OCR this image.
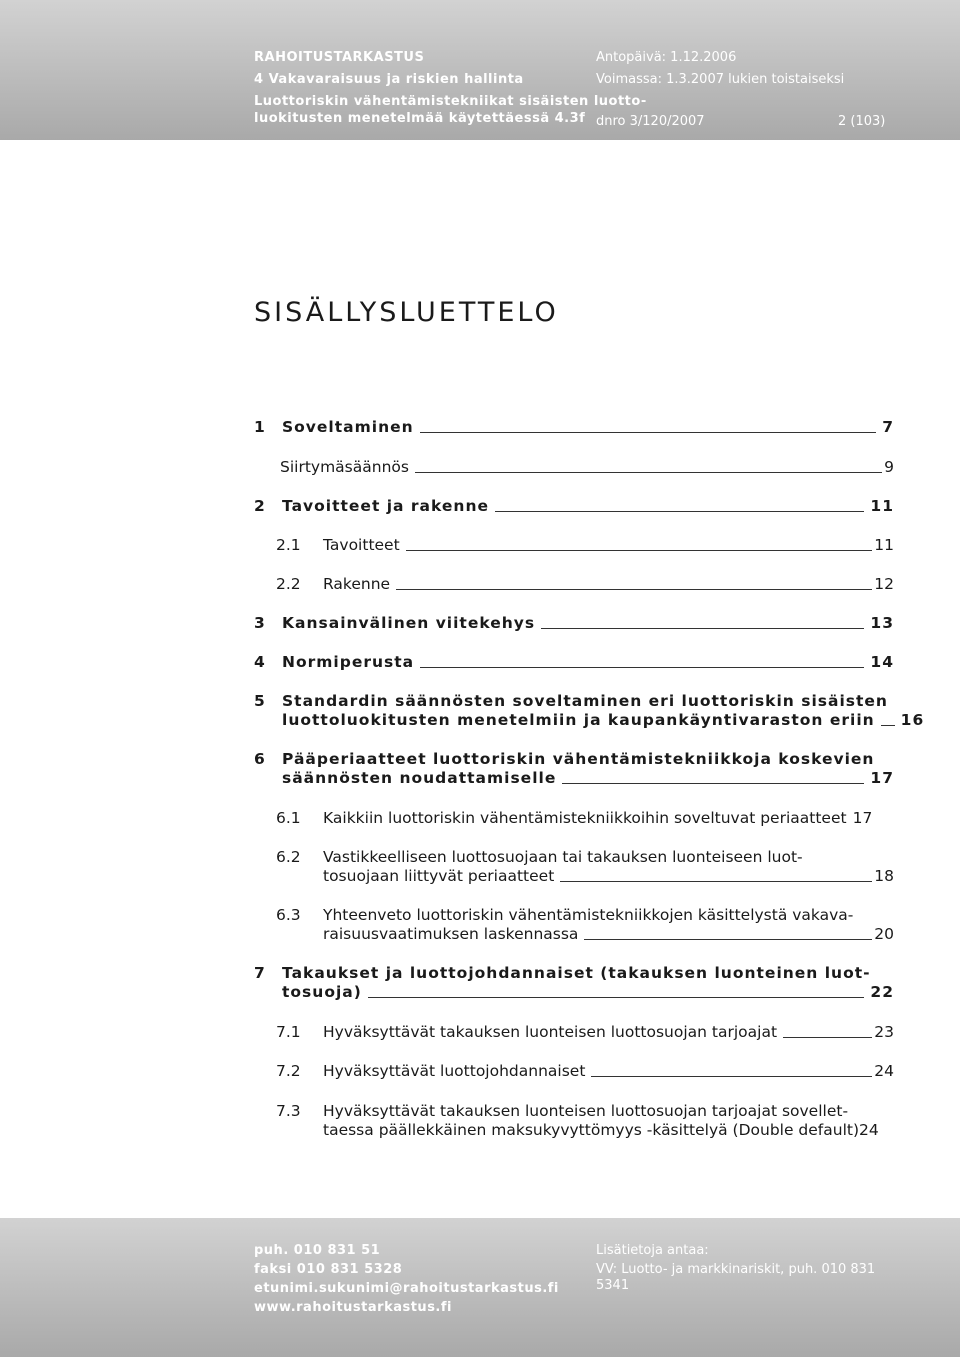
RAHOITUSTARKASTUS
4 Vakavaraisuus ja riskien hallinta
Luottoriskin vähentämistekniikat sisäisten luotto-
luokitusten menetelmää käytettäessä 4.3f
Antopäivä: 1.12.2006
Voimassa: 1.3.2007 lukien toistaiseksi
dnro 3/120/2007	2 (103)
SISÄLLYSLUETTELO
1 Soveltaminen	7
Siirtymäsäännös	9
2 Tavoitteet ja rakenne	11
2.1 Tavoitteet	11
2.2 Rakenne	12
3 Kansainvälinen viitekehys	13
4 Normiperusta	14
5 Standardin säännösten soveltaminen eri luottoriskin sisäisten
luottoluokitusten menetelmiin ja kaupankäyntivaraston eriin 16
6 Pääperiaatteet luottoriskin vähentämistekniikkoja koskevien
säännösten noudattamiselle	17
6.1 Kaikkiin luottoriskin vähentämistekniikkoihin soveltuvat periaatteet 17
6.2 Vastikkeelliseen luottosuojaan tai takauksen luonteiseen luot-
tosuojaan liittyvät periaatteet	18
6.3 Yhteenveto luottoriskin vähentämistekniikkojen käsittelystä vakava-
raisuusvaatimuksen laskennassa	20
7 Takaukset ja luottojohdannaiset (takauksen luonteinen luot-
tosuoja)	22
7.1 Hyväksyttävät takauksen luonteisen luottosuojan tarjoajat	23
7.2 Hyväksyttävät luottojohdannaiset	24
7.3 Hyväksyttävät takauksen luonteisen luottosuojan tarjoajat sovellet-
taessa päällekkäinen maksukyvyttömyys -käsittelyä (Double default) 24
puh. 010 831 51
faksi 010 831 5328
etunimi.sukunimi@rahoitustarkastus.fi
www.rahoitustarkastus.fi
Lisätietoja antaa:
VV: Luotto- ja markkinariskit, puh. 010 831
5341
